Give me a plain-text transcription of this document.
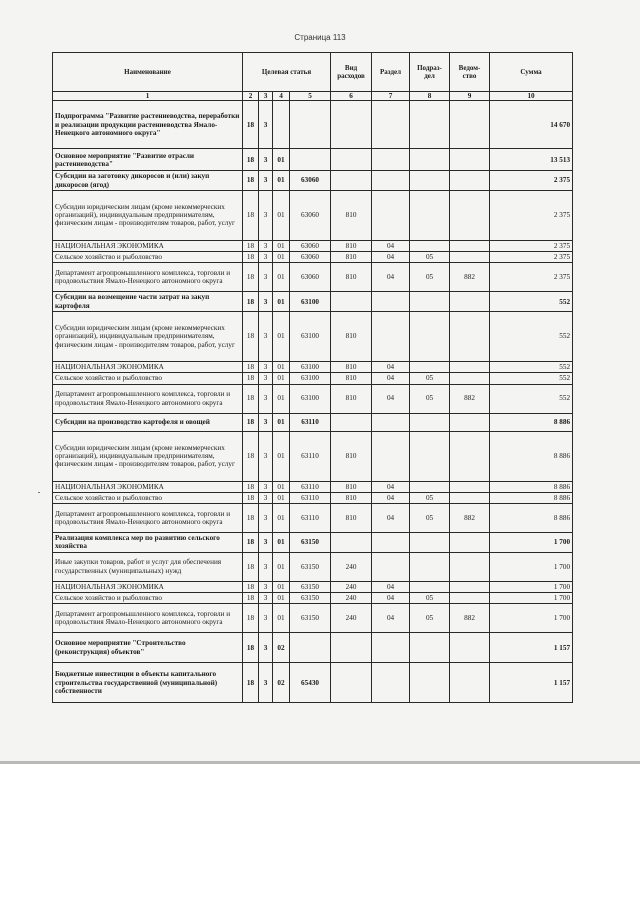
Страница 113
Наименование	Целевая статья				Вид расходов	Раздел	Подраз-дел	Ведом-ство	Сумма
1	2	3	4	5	6	7	8	9	10
Подпрограмма "Развитие растениеводства, переработки и реализации продукции растениеводства Ямало-Ненецкого автономного округа"	18	3							14 670
Основное мероприятие "Развитие отрасли растениеводства"	18	3	01						13 513
Субсидии на заготовку дикоросов и (или) закуп дикоросов (ягод)	18	3	01	63060					2 375
Субсидии юридическим лицам (кроме некоммерческих организаций), индивидуальным предпринимателям, физическим лицам - производителям товаров, работ, услуг	18	3	01	63060	810				2 375
НАЦИОНАЛЬНАЯ ЭКОНОМИКА	18	3	01	63060	810	04			2 375
Сельское хозяйство и рыболовство	18	3	01	63060	810	04	05		2 375
Департамент агропромышленного комплекса, торговли и продовольствия Ямало-Ненецкого автономного округа	18	3	01	63060	810	04	05	882	2 375
Субсидии на возмещение части затрат на закуп картофеля	18	3	01	63100					552
Субсидии юридическим лицам (кроме некоммерческих организаций), индивидуальным предпринимателям, физическим лицам - производителям товаров, работ, услуг	18	3	01	63100	810				552
НАЦИОНАЛЬНАЯ ЭКОНОМИКА	18	3	01	63100	810	04			552
Сельское хозяйство и рыболовство	18	3	01	63100	810	04	05		552
Департамент агропромышленного комплекса, торговли и продовольствия Ямало-Ненецкого автономного округа	18	3	01	63100	810	04	05	882	552
Субсидии на производство картофеля и овощей	18	3	01	63110					8 886
Субсидии юридическим лицам (кроме некоммерческих организаций), индивидуальным предпринимателям, физическим лицам - производителям товаров, работ, услуг	18	3	01	63110	810				8 886
НАЦИОНАЛЬНАЯ ЭКОНОМИКА	18	3	01	63110	810	04			8 886
Сельское хозяйство и рыболовство	18	3	01	63110	810	04	05		8 886
Департамент агропромышленного комплекса, торговли и продовольствия Ямало-Ненецкого автономного округа	18	3	01	63110	810	04	05	882	8 886
Реализация комплекса мер по развитию сельского хозяйства	18	3	01	63150					1 700
Иные закупки товаров, работ и услуг для обеспечения государственных (муниципальных) нужд	18	3	01	63150	240				1 700
НАЦИОНАЛЬНАЯ ЭКОНОМИКА	18	3	01	63150	240	04			1 700
Сельское хозяйство и рыболовство	18	3	01	63150	240	04	05		1 700
Департамент агропромышленного комплекса, торговли и продовольствия Ямало-Ненецкого автономного округа	18	3	01	63150	240	04	05	882	1 700
Основное мероприятие "Строительство (реконструкция) объектов"	18	3	02						1 157
Бюджетные инвестиции в объекты капитального строительства государственной (муниципальной) собственности	18	3	02	65430					1 157
